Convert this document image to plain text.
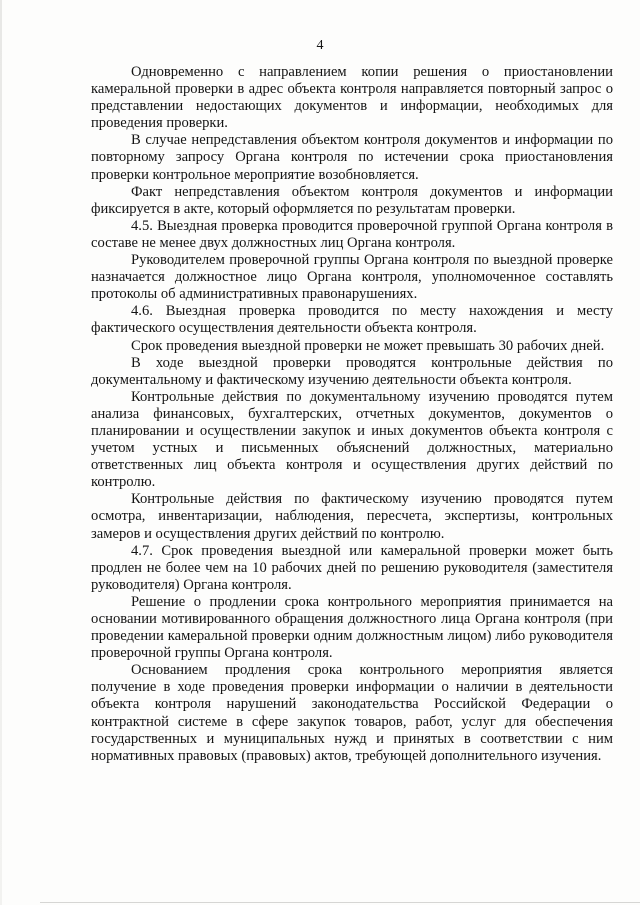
4

Одновременно с направлением копии решения о приостановлении камеральной проверки в адрес объекта контроля направляется повторный запрос о представлении недостающих документов и информации, необходимых для проведения проверки.

В случае непредставления объектом контроля документов и информации по повторному запросу Органа контроля по истечении срока приостановления проверки контрольное мероприятие возобновляется.

Факт непредставления объектом контроля документов и информации фиксируется в акте, который оформляется по результатам проверки.

4.5. Выездная проверка проводится проверочной группой Органа контроля в составе не менее двух должностных лиц Органа контроля.

Руководителем проверочной группы Органа контроля по выездной проверке назначается должностное лицо Органа контроля, уполномоченное составлять протоколы об административных правонарушениях.

4.6. Выездная проверка проводится по месту нахождения и месту фактического осуществления деятельности объекта контроля.

Срок проведения выездной проверки не может превышать 30 рабочих дней.

В ходе выездной проверки проводятся контрольные действия по документальному и фактическому изучению деятельности объекта контроля.

Контрольные действия по документальному изучению проводятся путем анализа финансовых, бухгалтерских, отчетных документов, документов о планировании и осуществлении закупок и иных документов объекта контроля с учетом устных и письменных объяснений должностных, материально ответственных лиц объекта контроля и осуществления других действий по контролю.

Контрольные действия по фактическому изучению проводятся путем осмотра, инвентаризации, наблюдения, пересчета, экспертизы, контрольных замеров и осуществления других действий по контролю.

4.7. Срок проведения выездной или камеральной проверки может быть продлен не более чем на 10 рабочих дней по решению руководителя (заместителя руководителя) Органа контроля.

Решение о продлении срока контрольного мероприятия принимается на основании мотивированного обращения должностного лица Органа контроля (при проведении камеральной проверки одним должностным лицом) либо руководителя проверочной группы Органа контроля.

Основанием продления срока контрольного мероприятия является получение в ходе проведения проверки информации о наличии в деятельности объекта контроля нарушений законодательства Российской Федерации о контрактной системе в сфере закупок товаров, работ, услуг для обеспечения государственных и муниципальных нужд и принятых в соответствии с ним нормативных правовых (правовых) актов, требующей дополнительного изучения.
